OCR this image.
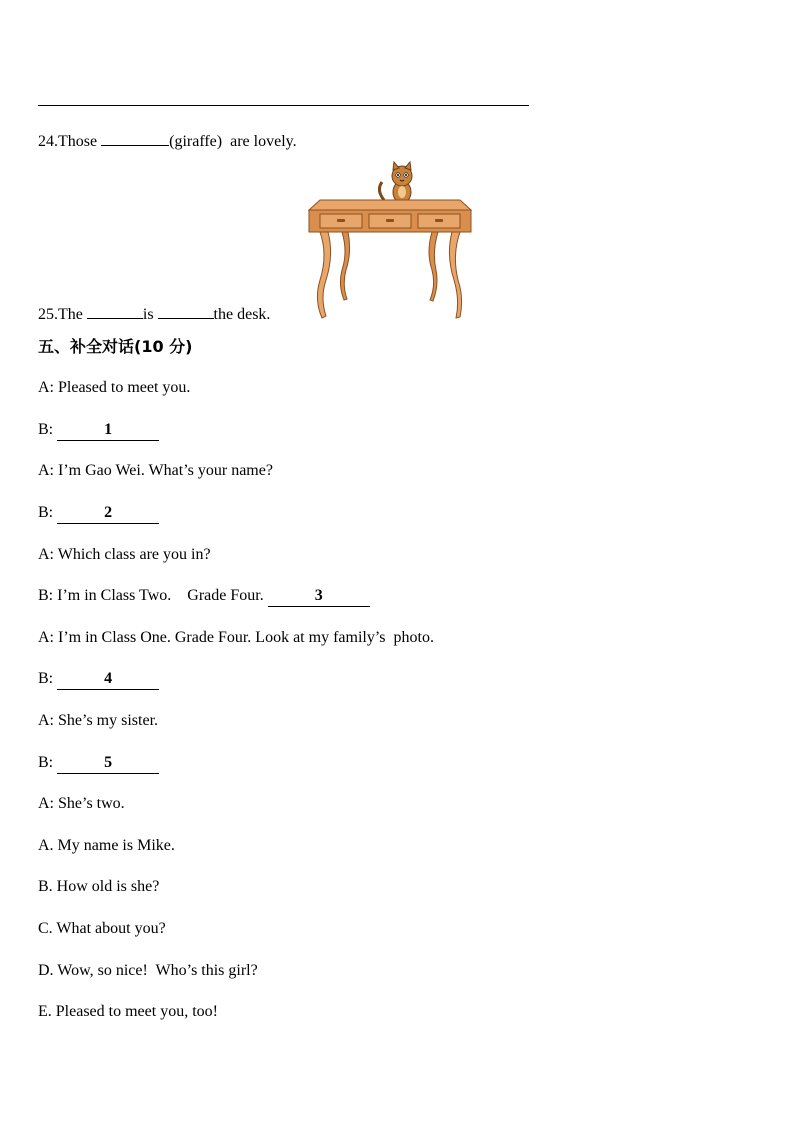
24.Those	(giraffe) are lovely.
25.The	is	the desk.
五、补全对话(10 分)
A: Pleased to meet you.
B:	1
A: I’m Gao Wei. What’s your name?
B:	2
A: Which class are you in?
B: I’m in Class Two.    Grade Four.	3
A: I’m in Class One. Grade Four. Look at my family’s  photo.
B:	4
A: She’s my sister.
B:	5
A: She’s two.
A. My name is Mike.
B. How old is she?
C. What about you?
D. Wow, so nice!  Who’s this girl?
E. Pleased to meet you, too!
